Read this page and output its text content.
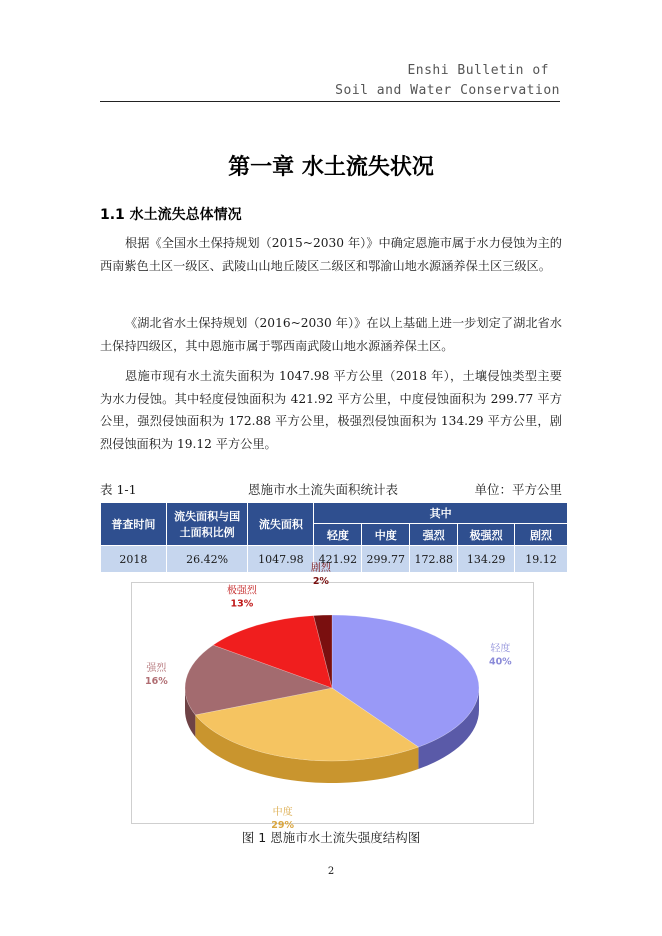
Enshi Bulletin of
Soil and Water Conservation
第一章 水土流失状况
1.1 水土流失总体情况

根据《全国水土保持规划（2015~2030 年）》中确定恩施市属于水力侵蚀为主的西南紫色土区一级区、武陵山山地丘陵区二级区和鄂渝山地水源涵养保土区三级区。

《湖北省水土保持规划（2016~2030 年）》在以上基础上进一步划定了湖北省水土保持四级区，其中恩施市属于鄂西南武陵山地水源涵养保土区。

恩施市现有水土流失面积为 1047.98 平方公里（2018 年），土壤侵蚀类型主要为水力侵蚀。其中轻度侵蚀面积为 421.92 平方公里，中度侵蚀面积为 299.77 平方公里，强烈侵蚀面积为 172.88 平方公里，极强烈侵蚀面积为 134.29 平方公里，剧烈侵蚀面积为 19.12 平方公里。

表 1-1	恩施市水土流失面积统计表	单位：平方公里
普查时间	流失面积与国土面积比例	流失面积	其中				
			轻度	中度	强烈	极强烈	剧烈
2018	26.42%	1047.98	421.92	299.77	172.88	134.29	19.12
轻度
40%
中度
29%
强烈
16%
极强烈
13%
剧烈
2%
图 1 恩施市水土流失强度结构图
2
